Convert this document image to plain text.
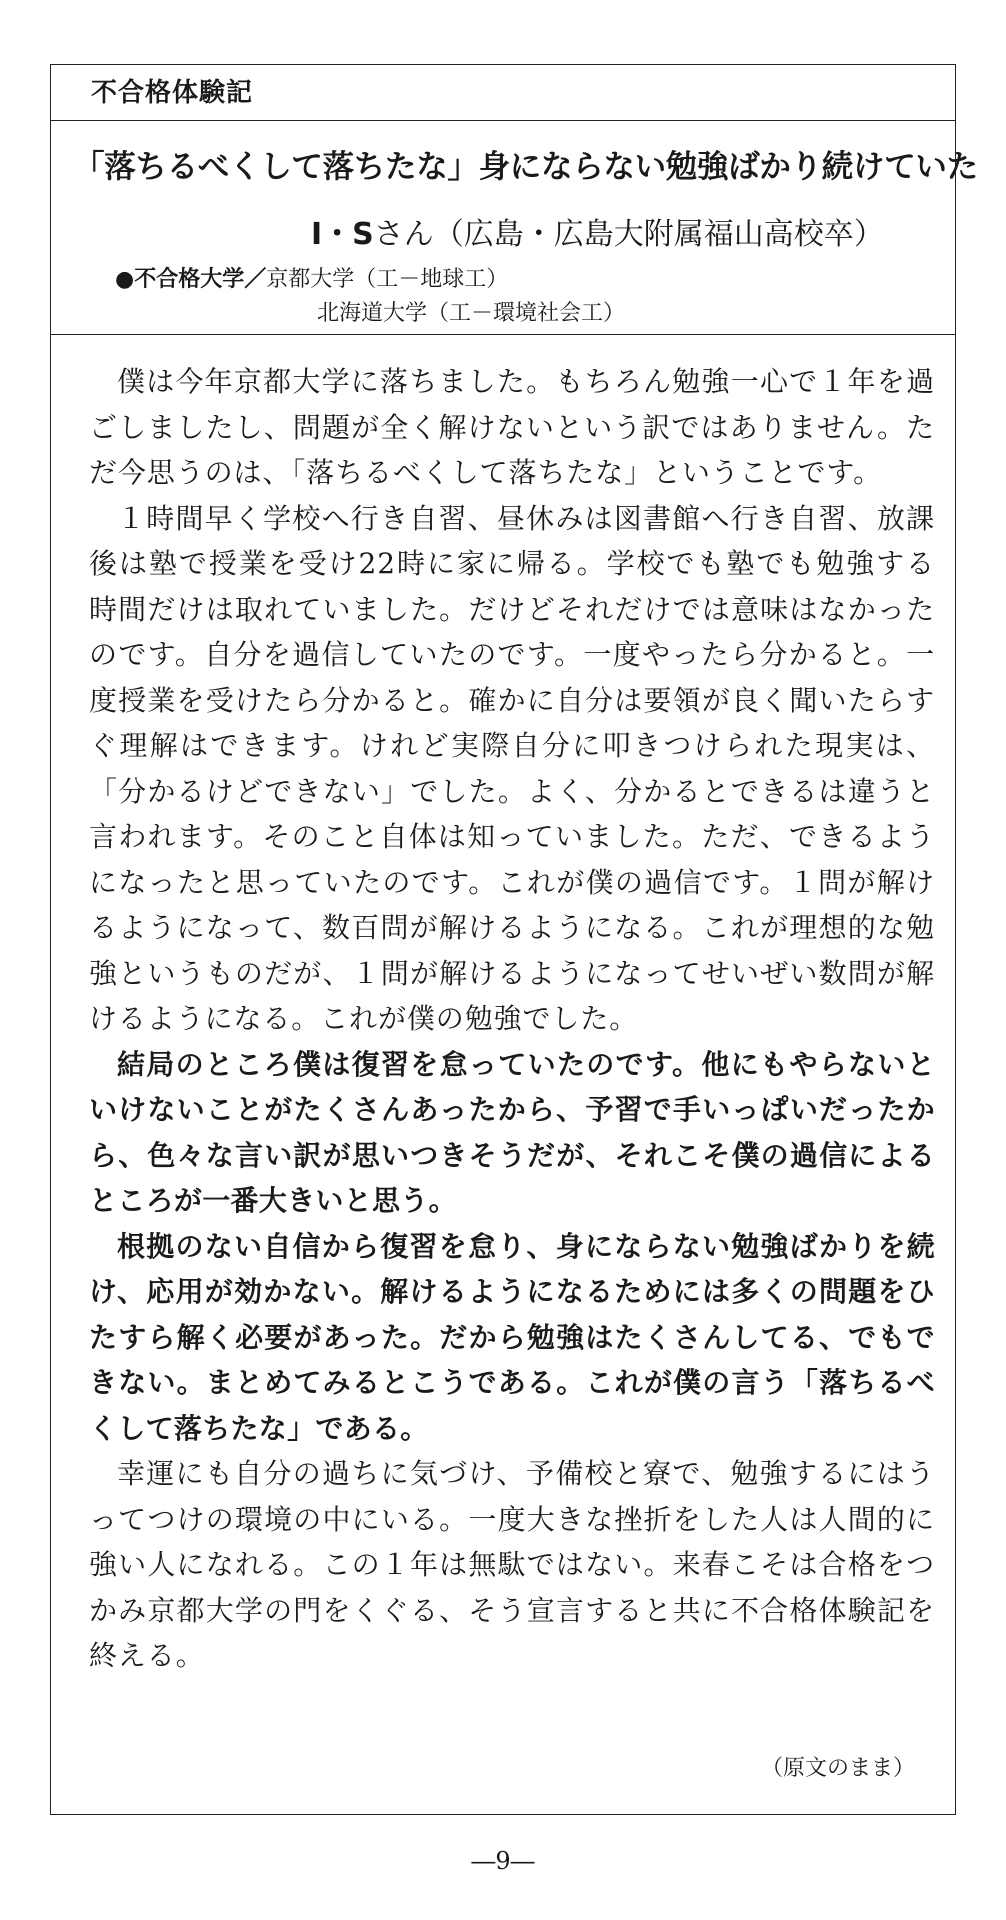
不合格体験記
「落ちるべくして落ちたな」身にならない勉強ばかり続けていた
I・Sさん（広島・広島大附属福山高校卒）
●不合格大学／京都大学（工－地球工）
北海道大学（工－環境社会工）

僕は今年京都大学に落ちました。もちろん勉強一心で１年を過ごしましたし、問題が全く解けないという訳ではありません。ただ今思うのは、「落ちるべくして落ちたな」ということです。

１時間早く学校へ行き自習、昼休みは図書館へ行き自習、放課後は塾で授業を受け22時に家に帰る。学校でも塾でも勉強する時間だけは取れていました。だけどそれだけでは意味はなかったのです。自分を過信していたのです。一度やったら分かると。一度授業を受けたら分かると。確かに自分は要領が良く聞いたらすぐ理解はできます。けれど実際自分に叩きつけられた現実は、「分かるけどできない」でした。よく、分かるとできるは違うと言われます。そのこと自体は知っていました。ただ、できるようになったと思っていたのです。これが僕の過信です。１問が解けるようになって、数百問が解けるようになる。これが理想的な勉強というものだが、１問が解けるようになってせいぜい数問が解けるようになる。これが僕の勉強でした。

結局のところ僕は復習を怠っていたのです。他にもやらないといけないことがたくさんあったから、予習で手いっぱいだったから、色々な言い訳が思いつきそうだが、それこそ僕の過信によるところが一番大きいと思う。

根拠のない自信から復習を怠り、身にならない勉強ばかりを続け、応用が効かない。解けるようになるためには多くの問題をひたすら解く必要があった。だから勉強はたくさんしてる、でもできない。まとめてみるとこうである。これが僕の言う「落ちるべくして落ちたな」である。

幸運にも自分の過ちに気づけ、予備校と寮で、勉強するにはうってつけの環境の中にいる。一度大きな挫折をした人は人間的に強い人になれる。この１年は無駄ではない。来春こそは合格をつかみ京都大学の門をくぐる、そう宣言すると共に不合格体験記を終える。

（原文のまま）
―9―
